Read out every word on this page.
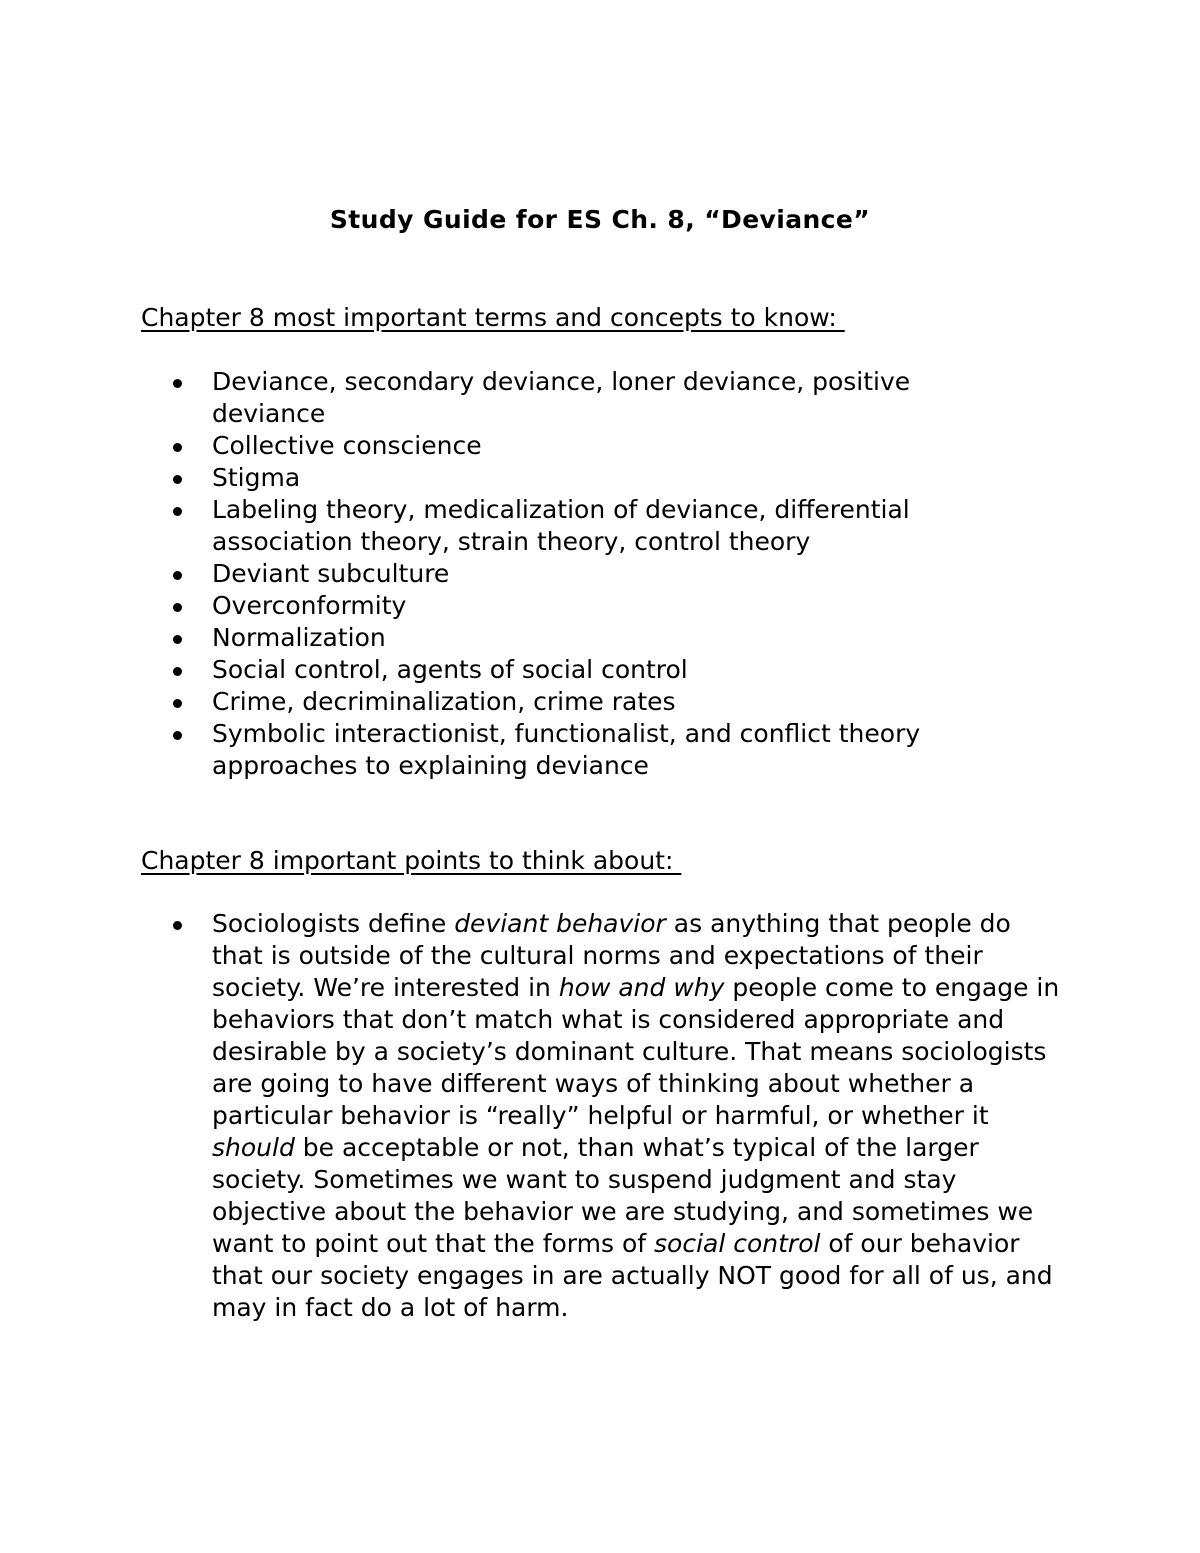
Study Guide for ES Ch. 8, “Deviance”
Chapter 8 most important terms and concepts to know:
Deviance, secondary deviance, loner deviance, positive deviance
Collective conscience
Stigma
Labeling theory, medicalization of deviance, differential association theory, strain theory, control theory
Deviant subculture
Overconformity
Normalization
Social control, agents of social control
Crime, decriminalization, crime rates
Symbolic interactionist, functionalist, and conflict theory approaches to explaining deviance
Chapter 8 important points to think about:
Sociologists define deviant behavior as anything that people do that is outside of the cultural norms and expectations of their society. We’re interested in how and why people come to engage in behaviors that don’t match what is considered appropriate and desirable by a society’s dominant culture. That means sociologists are going to have different ways of thinking about whether a particular behavior is “really” helpful or harmful, or whether it should be acceptable or not, than what’s typical of the larger society. Sometimes we want to suspend judgment and stay objective about the behavior we are studying, and sometimes we want to point out that the forms of social control of our behavior that our society engages in are actually NOT good for all of us, and may in fact do a lot of harm.
